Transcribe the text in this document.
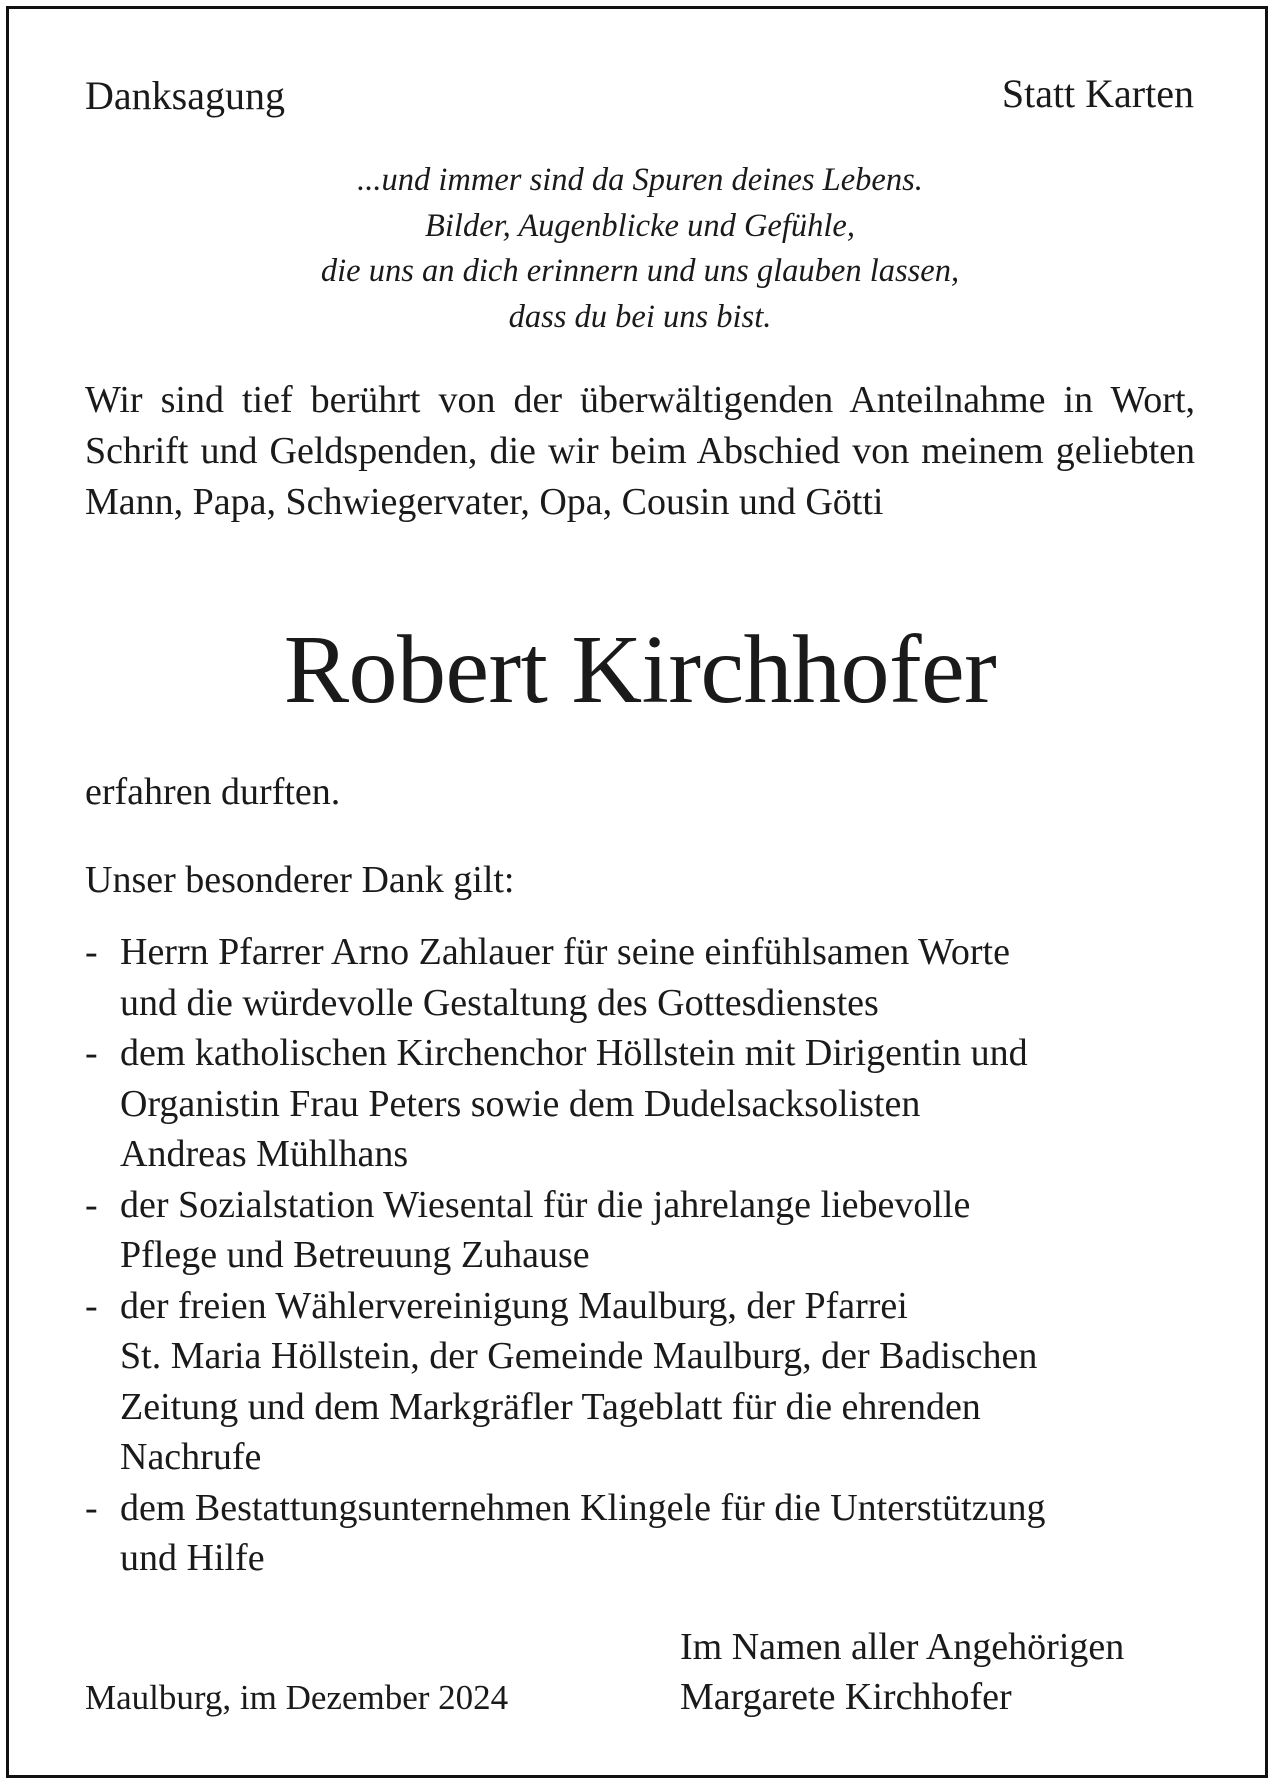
Danksagung	Statt Karten
...und immer sind da Spuren deines Lebens.
Bilder, Augenblicke und Gefühle,
die uns an dich erinnern und uns glauben lassen,
dass du bei uns bist.
Wir sind tief berührt von der überwältigenden Anteilnahme in Wort, Schrift und Geldspenden, die wir beim Abschied von meinem geliebten Mann, Papa, Schwiegervater, Opa, Cousin und Götti
Robert Kirchhofer
erfahren durften.
Unser besonderer Dank gilt:
- Herrn Pfarrer Arno Zahlauer für seine einfühlsamen Worte
und die würdevolle Gestaltung des Gottesdienstes
- dem katholischen Kirchenchor Höllstein mit Dirigentin und
Organistin Frau Peters sowie dem Dudelsacksolisten
Andreas Mühlhans
- der Sozialstation Wiesental für die jahrelange liebevolle
Pflege und Betreuung Zuhause
- der freien Wählervereinigung Maulburg, der Pfarrei
St. Maria Höllstein, der Gemeinde Maulburg, der Badischen
Zeitung und dem Markgräfler Tageblatt für die ehrenden
Nachrufe
- dem Bestattungsunternehmen Klingele für die Unterstützung
und Hilfe
Maulburg, im Dezember 2024
Im Namen aller Angehörigen
Margarete Kirchhofer
